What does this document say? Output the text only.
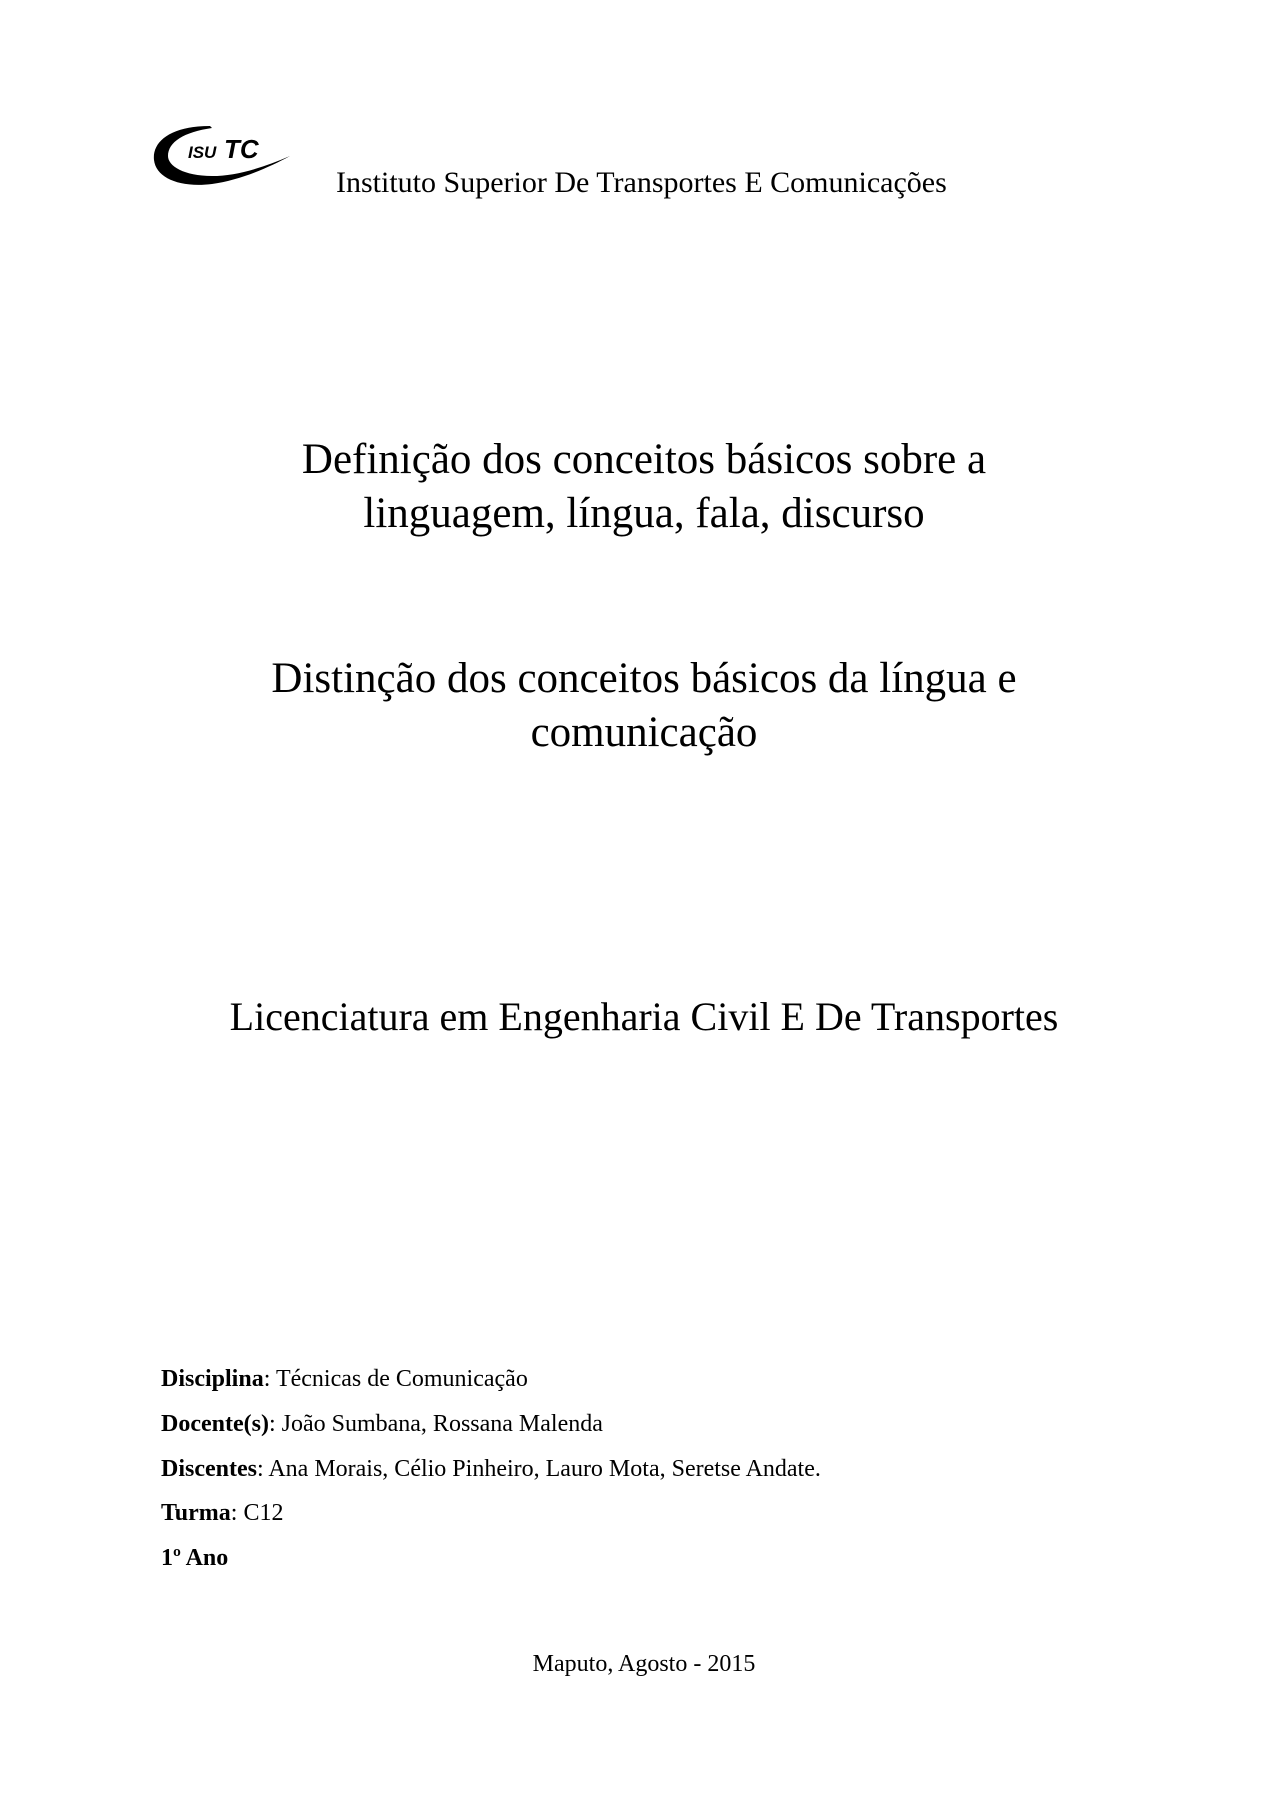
ISU TC
Instituto Superior De Transportes E Comunicações
Definição dos conceitos básicos sobre a
linguagem, língua, fala, discurso
Distinção dos conceitos básicos da língua e
comunicação
Licenciatura em Engenharia Civil E De Transportes
Disciplina: Técnicas de Comunicação
Docente(s): João Sumbana, Rossana Malenda
Discentes: Ana Morais, Célio Pinheiro, Lauro Mota, Seretse Andate.
Turma: C12
1º Ano
Maputo, Agosto - 2015
